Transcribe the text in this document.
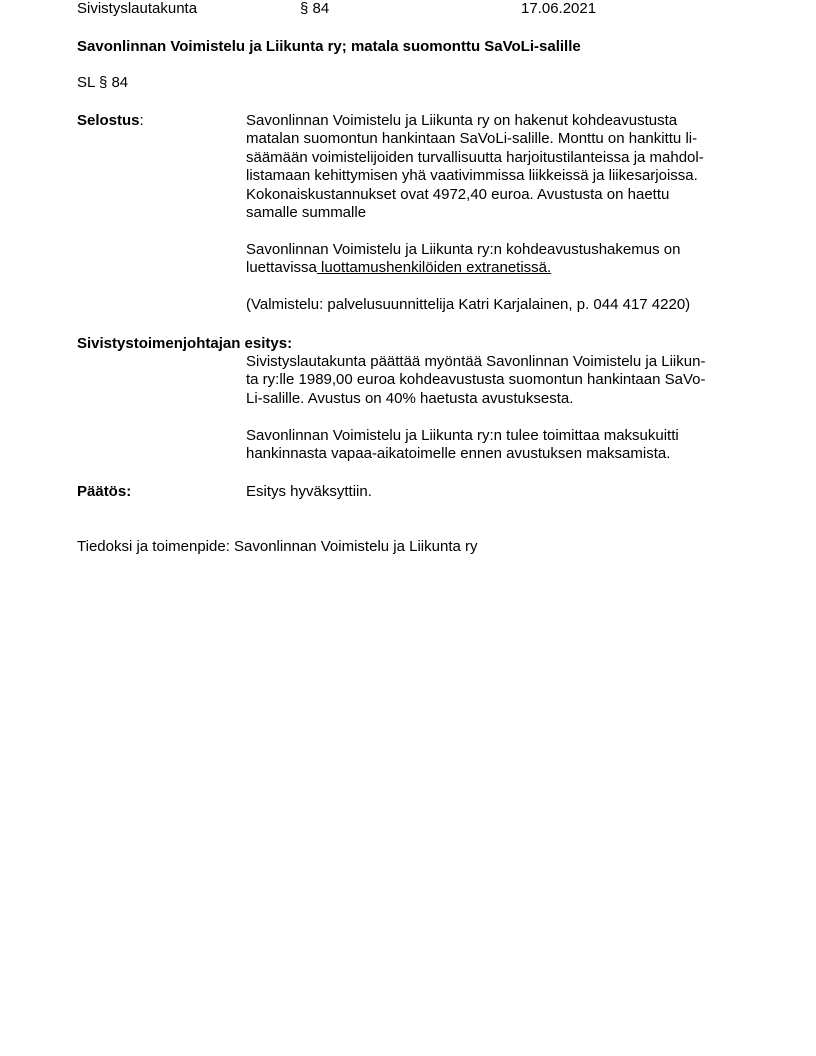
Sivistyslautakunta	§ 84	17.06.2021
Savonlinnan Voimistelu ja Liikunta ry; matala suomonttu SaVoLi-salille
SL § 84
Selostus:	Savonlinnan Voimistelu ja Liikunta ry on hakenut kohdeavustusta
matalan suomontun hankintaan SaVoLi-salille. Monttu on hankittu li-
säämään voimistelijoiden turvallisuutta harjoitustilanteissa ja mahdol-
listamaan kehittymisen yhä vaativimmissa liikkeissä ja liikesarjoissa.
Kokonaiskustannukset ovat 4972,40 euroa. Avustusta on haettu
samalle summalle
Savonlinnan Voimistelu ja Liikunta ry:n kohdeavustushakemus on
luettavissa luottamushenkilöiden extranetissä.
(Valmistelu: palvelusuunnittelija Katri Karjalainen, p. 044 417 4220)
Sivistystoimenjohtajan esitys:
Sivistyslautakunta päättää myöntää Savonlinnan Voimistelu ja Liikun-
ta ry:lle 1989,00 euroa kohdeavustusta suomontun hankintaan SaVo-
Li-salille. Avustus on 40% haetusta avustuksesta.
Savonlinnan Voimistelu ja Liikunta ry:n tulee toimittaa maksukuitti
hankinnasta vapaa-aikatoimelle ennen avustuksen maksamista.
Päätös:	Esitys hyväksyttiin.
Tiedoksi ja toimenpide: Savonlinnan Voimistelu ja Liikunta ry
